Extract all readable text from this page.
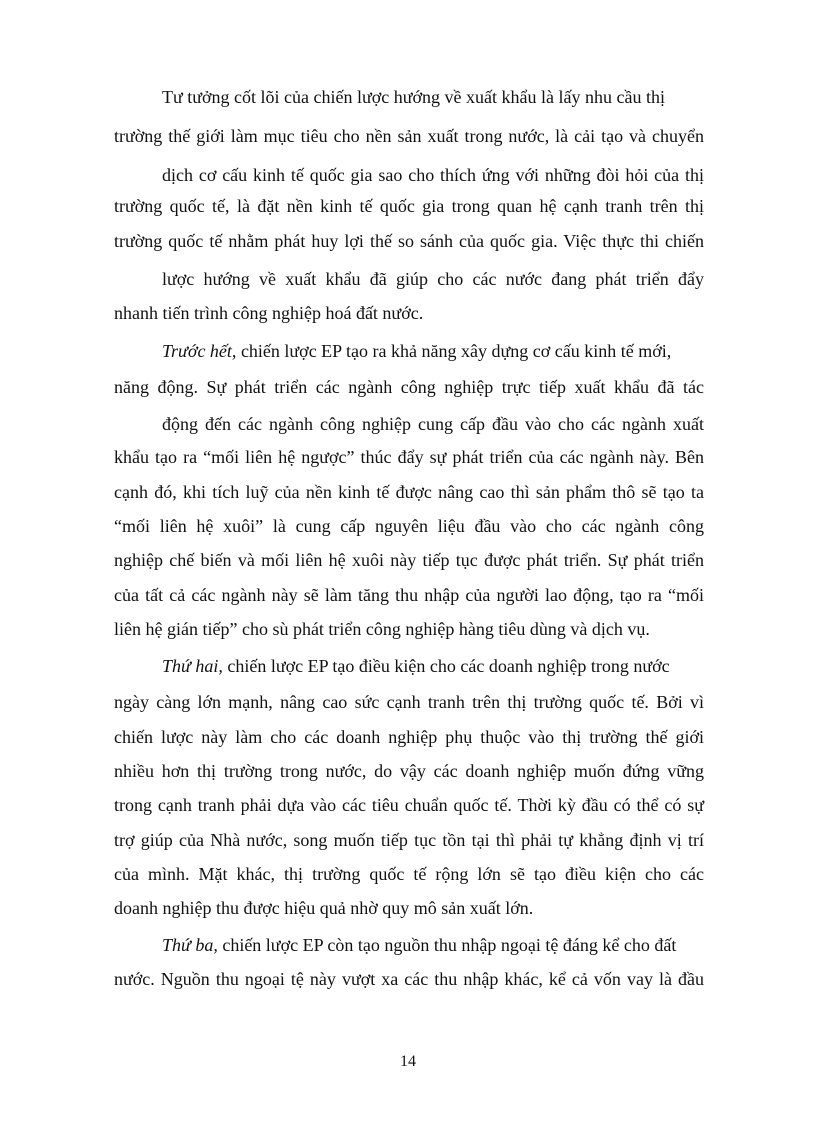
Tư tưởng cốt lõi của chiến lược hướng về xuất khẩu là lấy nhu cầu thị
trường thế giới làm mục tiêu cho nền sản xuất trong nước, là cải tạo và chuyển
dịch cơ cấu kinh tế quốc gia sao cho thích ứng với những đòi hỏi của thị
trường quốc tế, là đặt nền kinh tế quốc gia trong quan hệ cạnh tranh trên thị
trường quốc tế nhằm phát huy lợi thế so sánh của quốc gia. Việc thực thi chiến
lược hướng về xuất khẩu đã giúp cho các nước đang phát triển đẩy
nhanh tiến trình công nghiệp hoá đất nước.
Trước hết, chiến lược EP tạo ra khả năng xây dựng cơ cấu kinh tế mới,
năng động. Sự phát triển các ngành công nghiệp trực tiếp xuất khẩu đã tác
động đến các ngành công nghiệp cung cấp đầu vào cho các ngành xuất
khẩu tạo ra “mối liên hệ ngược” thúc đẩy sự phát triển của các ngành này. Bên
cạnh đó, khi tích luỹ của nền kinh tế được nâng cao thì sản phẩm thô sẽ tạo ta
“mối liên hệ xuôi” là cung cấp nguyên liệu đầu vào cho các ngành công
nghiệp chế biến và mối liên hệ xuôi này tiếp tục được phát triển. Sự phát triển
của tất cả các ngành này sẽ làm tăng thu nhập của người lao động, tạo ra “mối
liên hệ gián tiếp” cho sù phát triển công nghiệp hàng tiêu dùng và dịch vụ.
Thứ hai, chiến lược EP tạo điều kiện cho các doanh nghiệp trong nước
ngày càng lớn mạnh, nâng cao sức cạnh tranh trên thị trường quốc tế. Bởi vì
chiến lược này làm cho các doanh nghiệp phụ thuộc vào thị trường thế giới
nhiều hơn thị trường trong nước, do vậy các doanh nghiệp muốn đứng vững
trong cạnh tranh phải dựa vào các tiêu chuẩn quốc tế. Thời kỳ đầu có thể có sự
trợ giúp của Nhà nước, song muốn tiếp tục tồn tại thì phải tự khẳng định vị trí
của mình. Mặt khác, thị trường quốc tế rộng lớn sẽ tạo điều kiện cho các
doanh nghiệp thu được hiệu quả nhờ quy mô sản xuất lớn.
Thứ ba, chiến lược EP còn tạo nguồn thu nhập ngoại tệ đáng kể cho đất
nước. Nguồn thu ngoại tệ này vượt xa các thu nhập khác, kể cả vốn vay là đầu
14
